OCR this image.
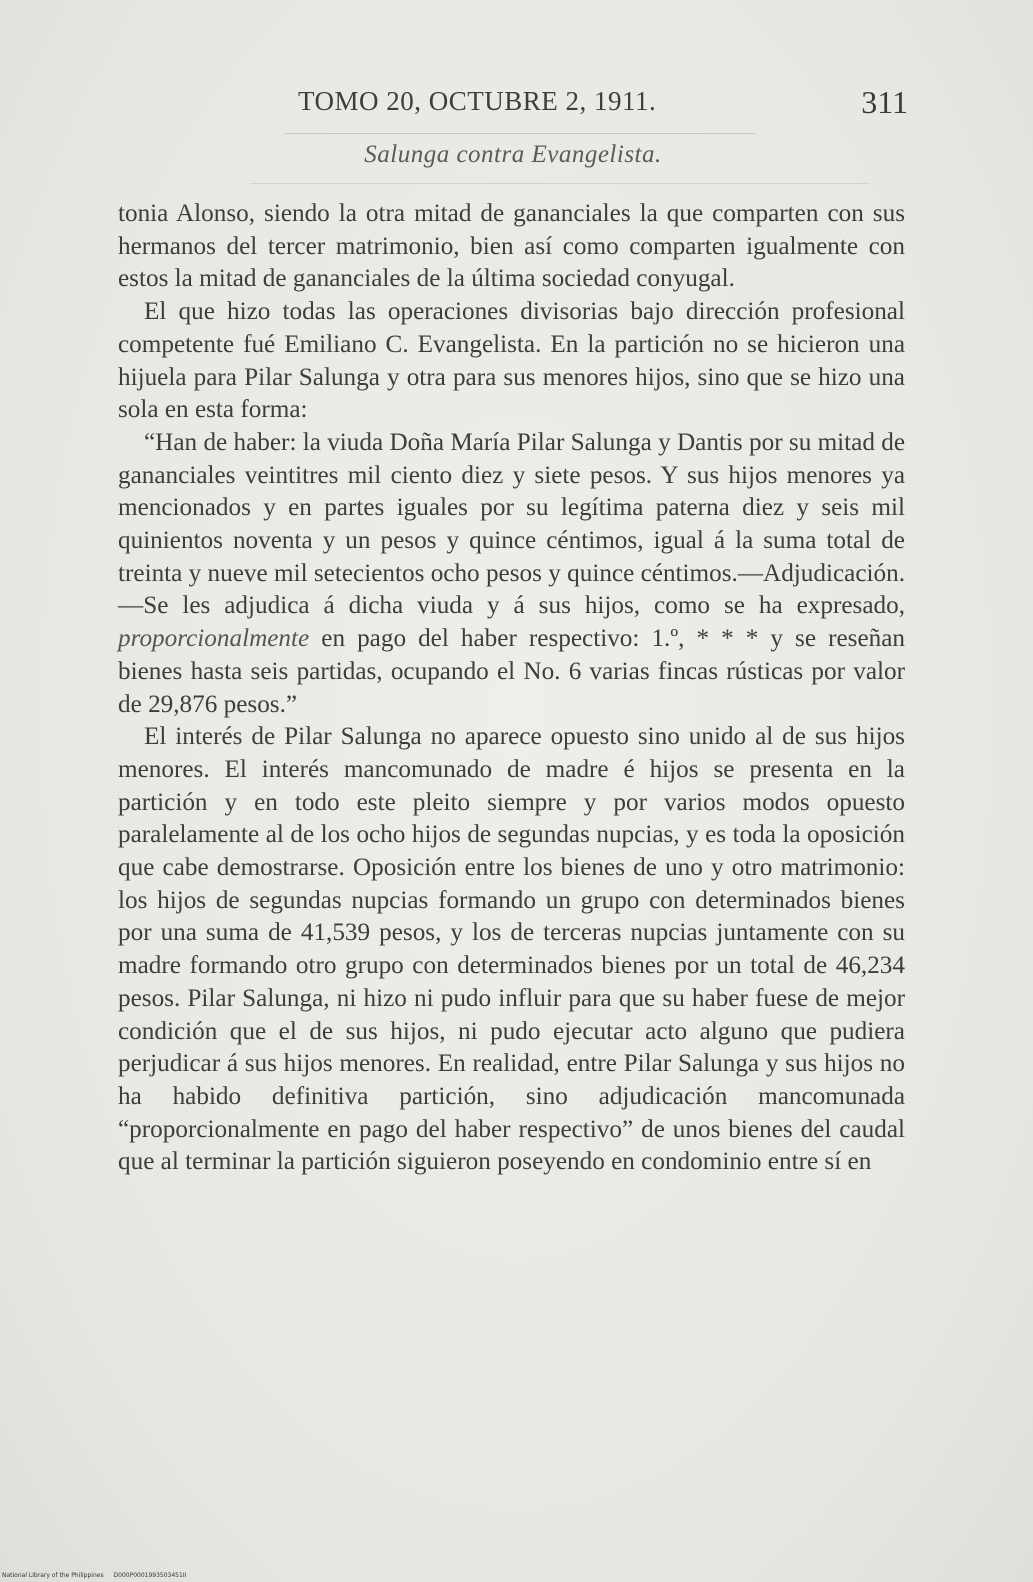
TOMO 20, OCTUBRE 2, 1911.	311
Salunga contra Evangelista.

tonia Alonso, siendo la otra mitad de gananciales la que comparten con sus hermanos del tercer matrimonio, bien así como comparten igualmente con estos la mitad de gananciales de la última sociedad conyugal.

El que hizo todas las operaciones divisorias bajo dirección profesional competente fué Emiliano C. Evangelista. En la partición no se hicieron una hijuela para Pilar Salunga y otra para sus menores hijos, sino que se hizo una sola en esta forma:

“Han de haber: la viuda Doña María Pilar Salunga y Dantis por su mitad de gananciales veintitres mil ciento diez y siete pesos. Y sus hijos menores ya mencionados y en partes iguales por su legítima paterna diez y seis mil quinientos noventa y un pesos y quince céntimos, igual á la suma total de treinta y nueve mil setecientos ocho pesos y quince céntimos.—Adjudicación.—Se les adjudica á dicha viuda y á sus hijos, como se ha expresado, proporcionalmente en pago del haber respectivo: 1.º, * * * y se reseñan bienes hasta seis partidas, ocupando el No. 6 varias fincas rústicas por valor de 29,876 pesos.”

El interés de Pilar Salunga no aparece opuesto sino unido al de sus hijos menores. El interés mancomunado de madre é hijos se presenta en la partición y en todo este pleito siempre y por varios modos opuesto paralelamente al de los ocho hijos de segundas nupcias, y es toda la oposición que cabe demostrarse. Oposición entre los bienes de uno y otro matrimonio: los hijos de segundas nupcias formando un grupo con determinados bienes por una suma de 41,539 pesos, y los de terceras nupcias juntamente con su madre formando otro grupo con determinados bienes por un total de 46,234 pesos. Pilar Salunga, ni hizo ni pudo influir para que su haber fuese de mejor condición que el de sus hijos, ni pudo ejecutar acto alguno que pudiera perjudicar á sus hijos menores. En realidad, entre Pilar Salunga y sus hijos no ha habido definitiva partición, sino adjudicación mancomunada “proporcionalmente en pago del haber respectivo” de unos bienes del caudal que al terminar la partición siguieron poseyendo en condominio entre sí en

National Library of the Philippines D000P0001993503451II
